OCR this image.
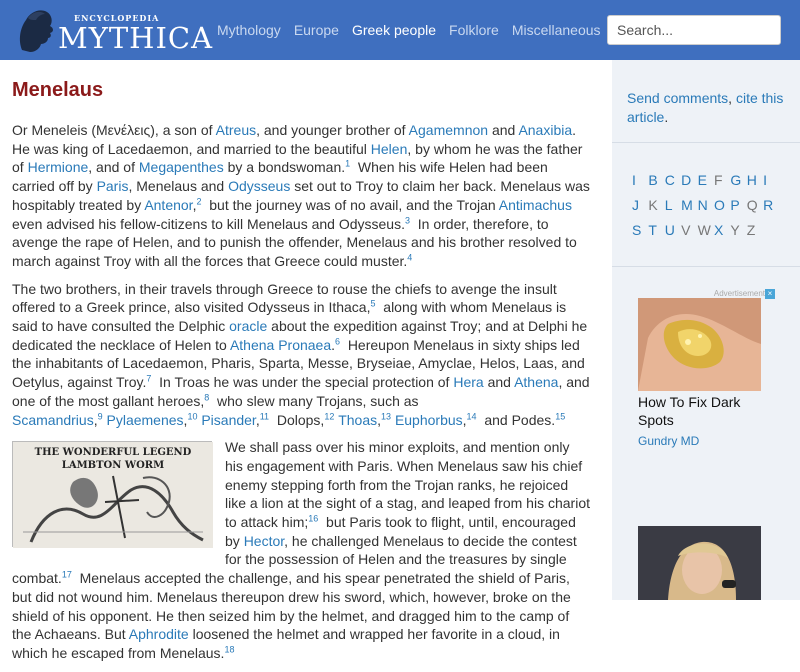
ENCYCLOPEDIA
MYTHICA Mythology Europe Greek people Folklore Miscellaneous
Search...
Menelaus

Or Meneleis (Μενέλεις), a son of Atreus, and younger brother of Agamemnon and Anaxibia. He was king of Lacedaemon, and married to the beautiful Helen, by whom he was the father of Hermione, and of Megapenthes by a bondswoman.$^1$  When his wife Helen had been carried off by Paris, Menelaus and Odysseus set out to Troy to claim her back. Menelaus was hospitably treated by Antenor,$^2$  but the journey was of no avail, and the Trojan Antimachus even advised his fellow-citizens to kill Menelaus and Odysseus.$^3$  In order, therefore, to avenge the rape of Helen, and to punish the offender, Menelaus and his brother resolved to march against Troy with all the forces that Greece could muster.$^4$

The two brothers, in their travels through Greece to rouse the chiefs to avenge the insult offered to a Greek prince, also visited Odysseus in Ithaca,$^5$  along with whom Menelaus is said to have consulted the Delphic oracle about the expedition against Troy; and at Delphi he dedicated the necklace of Helen to Athena Pronaea.$^6$  Hereupon Menelaus in sixty ships led the inhabitants of Lacedaemon, Pharis, Sparta, Messe, Bryseiae, Amyclae, Helos, Laas, and Oetylus, against Troy.$^7$  In Troas he was under the special protection of Hera and Athena, and one of the most gallant heroes,$^8$  who slew many Trojans, such as Scamandrius,$^9$ Pylaemenes,$^{10}$ Pisander,$^{11}$  Dolops,$^{12}$ Thoas,$^{13}$ Euphorbus,$^{14}$  and Podes.$^{15}$

THE WONDERFUL LEGEND
LAMBTON WORM

We shall pass over his minor exploits, and mention only his engagement with Paris. When Menelaus saw his chief enemy stepping forth from the Trojan ranks, he rejoiced like a lion at the sight of a stag, and leaped from his chariot to attack him;$^{16}$  but Paris took to flight, until, encouraged by Hector, he challenged Menelaus to decide the contest for the possession of Helen and the treasures by single combat.$^{17}$  Menelaus accepted the challenge, and his spear penetrated the shield of Paris, but did not wound him. Menelaus thereupon drew his sword, which, however, broke on the shield of his opponent. He then seized him by the helmet, and dragged him to the camp of the Achaeans. But Aphrodite loosened the helmet and wrapped her favorite in a cloud, in which he escaped from Menelaus.$^{18}$

Send comments, cite this article.
I B C D E F G H I
J K L M N O P Q R
S T U V W X Y Z
Advertisement ×
How To Fix Dark Spots
Gundry MD
